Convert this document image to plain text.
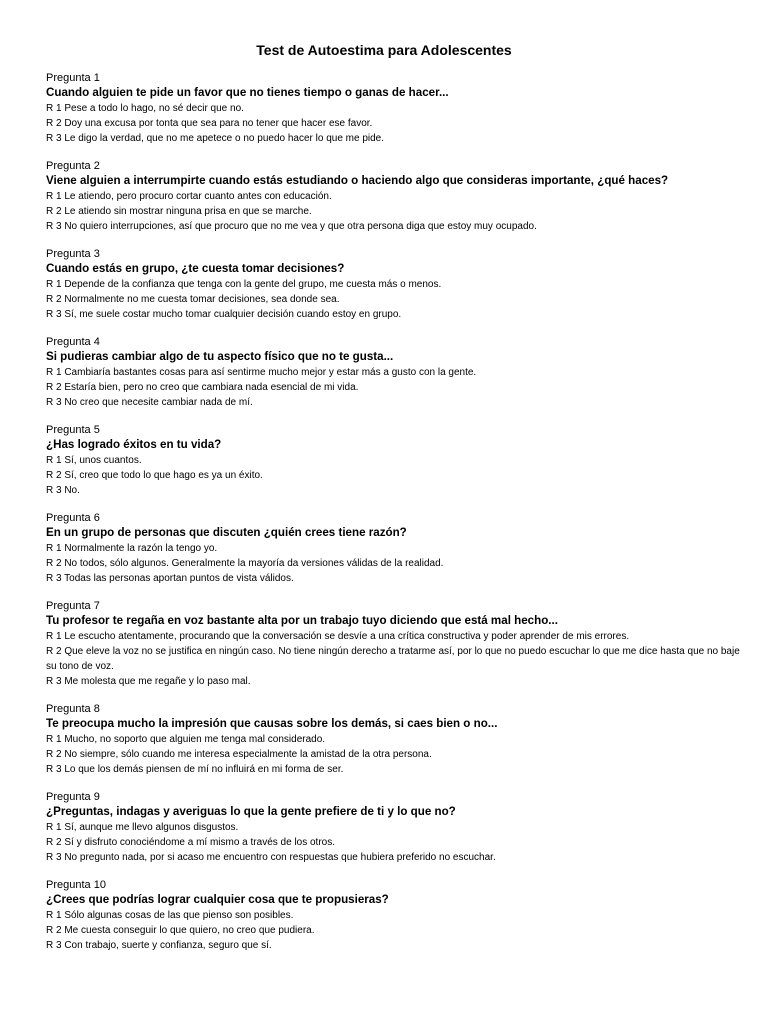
Test de Autoestima para Adolescentes
Pregunta 1
Cuando alguien te pide un favor que no tienes tiempo o ganas de hacer...
R 1 Pese a todo lo hago, no sé decir que no.
R 2 Doy una excusa por tonta que sea para no tener que hacer ese favor.
R 3 Le digo la verdad, que no me apetece o no puedo hacer lo que me pide.
Pregunta 2
Viene alguien a interrumpirte cuando estás estudiando o haciendo algo que consideras importante, ¿qué haces?
R 1 Le atiendo, pero procuro cortar cuanto antes con educación.
R 2 Le atiendo sin mostrar ninguna prisa en que se marche.
R 3 No quiero interrupciones, así que procuro que no me vea y que otra persona diga que estoy muy ocupado.
Pregunta 3
Cuando estás en grupo, ¿te cuesta tomar decisiones?
R 1 Depende de la confianza que tenga con la gente del grupo, me cuesta más o menos.
R 2 Normalmente no me cuesta tomar decisiones, sea donde sea.
R 3 Sí, me suele costar mucho tomar cualquier decisión cuando estoy en grupo.
Pregunta 4
Si pudieras cambiar algo de tu aspecto físico que no te gusta...
R 1 Cambiaría bastantes cosas para así sentirme mucho mejor y estar más a gusto con la gente.
R 2 Estaría bien, pero no creo que cambiara nada esencial de mi vida.
R 3 No creo que necesite cambiar nada de mí.
Pregunta 5
¿Has logrado éxitos en tu vida?
R 1 Sí, unos cuantos.
R 2 Sí, creo que todo lo que hago es ya un éxito.
R 3 No.
Pregunta 6
En un grupo de personas que discuten ¿quién crees tiene razón?
R 1 Normalmente la razón la tengo yo.
R 2 No todos, sólo algunos. Generalmente la mayoría da versiones válidas de la realidad.
R 3 Todas las personas aportan puntos de vista válidos.
Pregunta 7
Tu profesor te regaña en voz bastante alta por un trabajo tuyo diciendo que está mal hecho...
R 1 Le escucho atentamente, procurando que la conversación se desvíe a una crítica constructiva y poder aprender de mis errores.
R 2 Que eleve la voz no se justifica en ningún caso. No tiene ningún derecho a tratarme así, por lo que no puedo escuchar lo que me dice hasta que no baje su tono de voz.
R 3 Me molesta que me regañe y lo paso mal.
Pregunta 8
Te preocupa mucho la impresión que causas sobre los demás, si caes bien o no...
R 1 Mucho, no soporto que alguien me tenga mal considerado.
R 2 No siempre, sólo cuando me interesa especialmente la amistad de la otra persona.
R 3 Lo que los demás piensen de mí no influirá en mi forma de ser.
Pregunta 9
¿Preguntas, indagas y averiguas lo que la gente prefiere de ti y lo que no?
R 1 Sí, aunque me llevo algunos disgustos.
R 2 Sí y disfruto conociéndome a mí mismo a través de los otros.
R 3 No pregunto nada, por si acaso me encuentro con respuestas que hubiera preferido no escuchar.
Pregunta 10
¿Crees que podrías lograr cualquier cosa que te propusieras?
R 1 Sólo algunas cosas de las que pienso son posibles.
R 2 Me cuesta conseguir lo que quiero, no creo que pudiera.
R 3 Con trabajo, suerte y confianza, seguro que sí.
